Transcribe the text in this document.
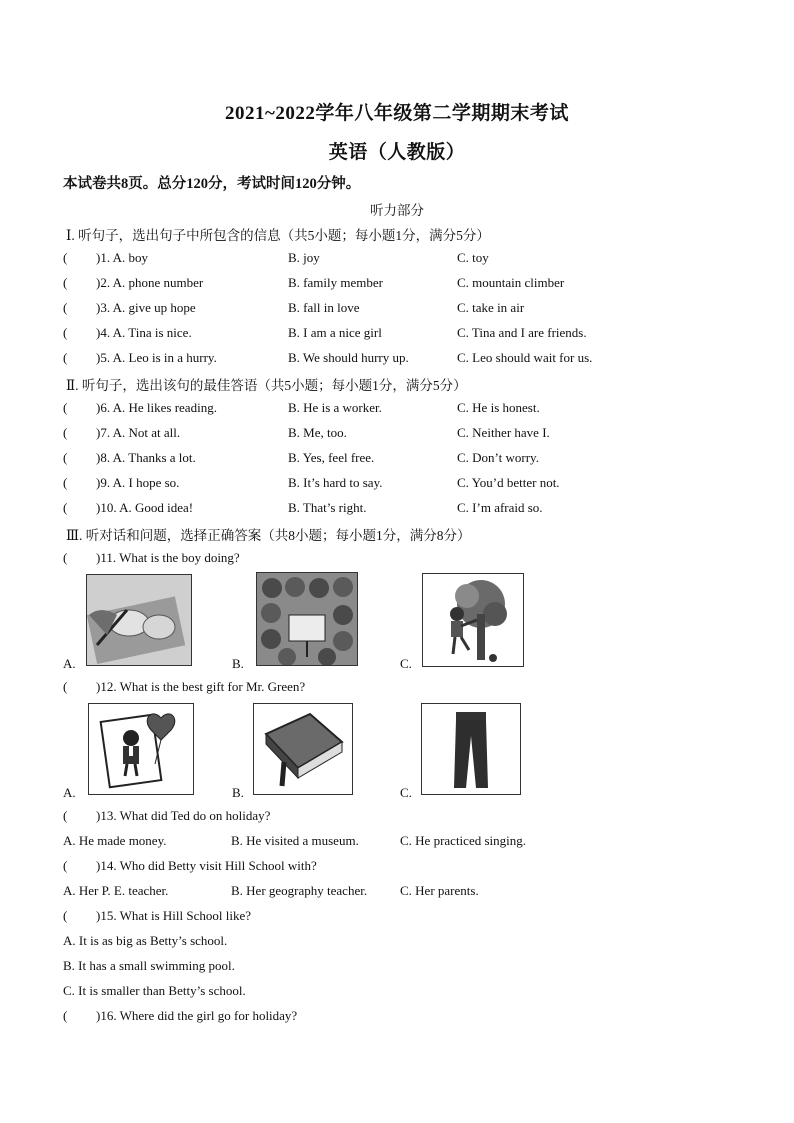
2021~2022学年八年级第二学期期末考试
英语（人教版）
本试卷共8页。总分120分，考试时间120分钟。
听力部分
Ⅰ. 听句子，选出句子中所包含的信息（共5小题；每小题1分，满分5分）
( )1. A. boy	B. joy	C. toy
( )2. A. phone number	B. family member	C. mountain climber
( )3. A. give up hope	B. fall in love	C. take in air
( )4. A. Tina is nice.	B. I am a nice girl	C. Tina and I are friends.
( )5. A. Leo is in a hurry.	B. We should hurry up.	C. Leo should wait for us.
Ⅱ. 听句子，选出该句的最佳答语（共5小题；每小题1分，满分5分）
( )6. A. He likes reading.	B. He is a worker.	C. He is honest.
( )7. A. Not at all.	B. Me, too.	C. Neither have I.
( )8. A. Thanks a lot.	B. Yes, feel free.	C. Don’t worry.
( )9. A. I hope so.	B. It’s hard to say.	C. You’d better not.
( )10. A. Good idea!	B. That’s right.	C. I’m afraid so.
Ⅲ. 听对话和问题，选择正确答案（共8小题；每小题1分，满分8分）
( )11. What is the boy doing?
A.	B.	C.
( )12. What is the best gift for Mr. Green?
A.	B.	C.
( )13. What did Ted do on holiday?
A. He made money.	B. He visited a museum.	C. He practiced singing.
( )14. Who did Betty visit Hill School with?
A. Her P. E. teacher.	B. Her geography teacher.	C. Her parents.
( )15. What is Hill School like?
A. It is as big as Betty’s school.
B. It has a small swimming pool.
C. It is smaller than Betty’s school.
( )16. Where did the girl go for holiday?
